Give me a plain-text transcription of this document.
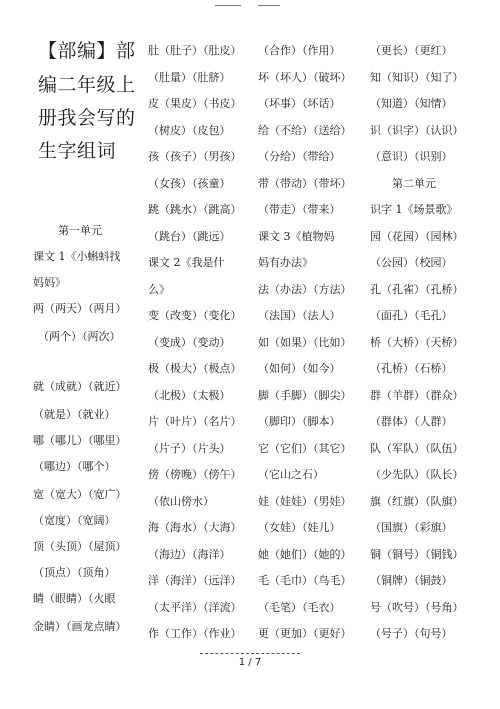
【部编】部
编二年级上
册我会写的
生字组词
第一单元
课文 1《小蝌蚪找
妈妈》
两（两天）（两月）
（两个）（两次）
就（成就）（就近）
（就是）（就业）
哪（哪儿）（哪里）
（哪边）（哪个）
宽（宽大）（宽广）
（宽度）（宽阔）
顶（头顶）（屋顶）
（顶点）（顶角）
睛（眼睛）（火眼
金睛）（画龙点睛）
肚（肚子）（肚皮）
（肚量）（肚脐）
皮（果皮）（书皮）
（树皮）（皮包）
孩（孩子）（男孩）
（女孩）（孩童）
跳（跳水）（跳高）
（跳台）（跳远）
课文 2《我是什
么》
变（改变）（变化）
（变成）（变动）
极（极大）（极点）
（北极）（太极）
片（叶片）（名片）
（片子）（片头）
傍（傍晚）（傍午）
（依山傍水）
海（海水）（大海）
（海边）（海洋）
洋（海洋）（远洋）
（太平洋）（洋流）
作（工作）（作业）
（合作）（作用）
坏（坏人）（破坏）
（坏事）（坏话）
给（不给）（送给）
（分给）（带给）
带（带动）（带坏）
（带走）（带来）
课文 3《植物妈
妈有办法》
法（办法）（方法）
（法国）（法人）
如（如果）（比如）
（如何）（如今）
脚（手脚）（脚尖）
（脚印）（脚本）
它（它们）（其它）
（它山之石）
娃（娃娃）（男娃）
（女娃）（娃儿）
她（她们）（她的）
毛（毛巾）（鸟毛）
（毛笔）（毛衣）
更（更加）（更好）
（更长）（更红）
知（知识）（知了）
（知道）（知情）
识（识字）（认识）
（意识）（识别）
第二单元
识字 1《场景歌》
园（花园）（园林）
（公园）（校园）
孔（孔雀）（孔桥）
（面孔）（毛孔）
桥（大桥）（天桥）
（孔桥）（石桥）
群（羊群）（群众）
（群体）（人群）
队（军队）（队伍）
（少先队）（队长）
旗（红旗）（队旗）
（国旗）（彩旗）
铜（铜号）（铜钱）
（铜牌）（铜鼓）
号（吹号）（号角）
（号子）（句号）
1 / 7
